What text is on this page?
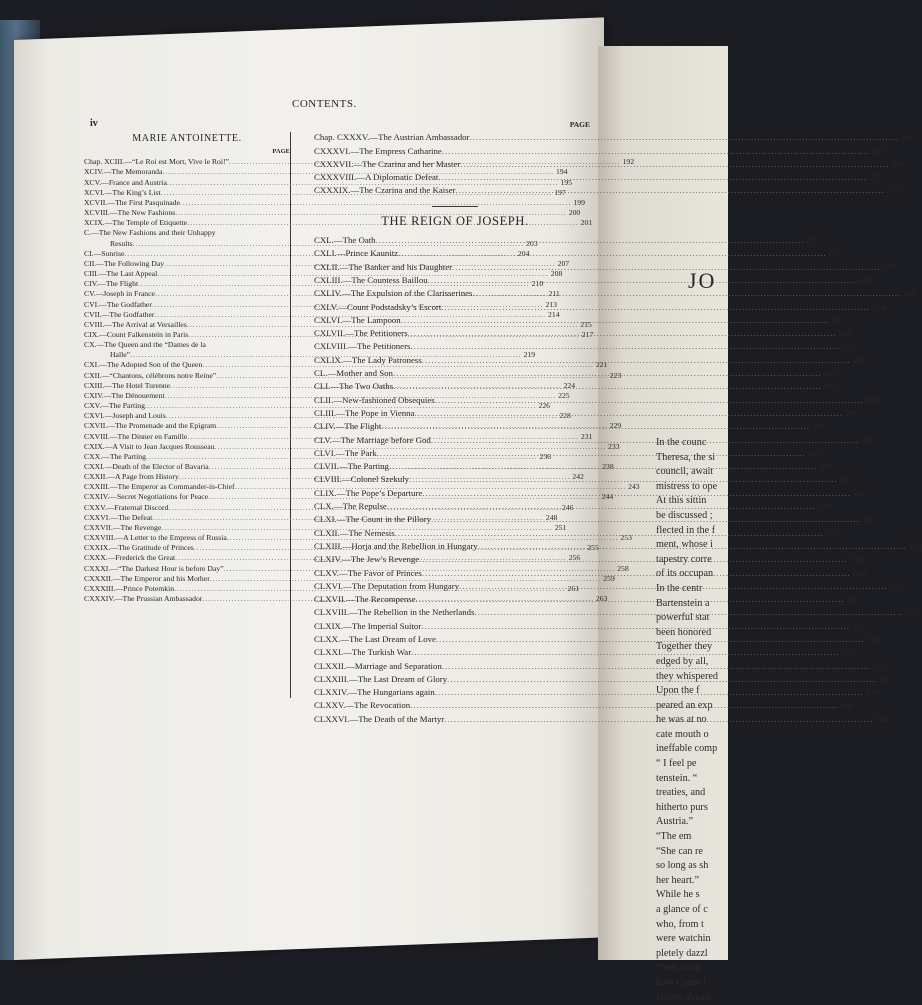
CONTENTS.
iv
MARIE ANTOINETTE.
PAGE
Chap. XCIII. —“Le Roi est Mort, Vive le Roi!” .....	192
XCIV. —The Memoranda .....	194
XCV. —France and Austria .....	195
XCVI. —The King’s List .....	197
XCVII. —The First Pasquinade .....	199
XCVIII. —The New Fashions .....	200
XCIX. —The Temple of Etiquette .....	201
C. —The New Fashions and their Unhappy
Results .....	203
CI. —Sunrise .....	204
CII. —The Following Day .....	207
CIII. —The Last Appeal .....	208
CIV. —The Flight .....	210
CV. —Joseph in France .....	211
CVI. —The Godfather .....	213
CVII. —The Godfather .....	214
CVIII. —The Arrival at Versailles .....	215
CIX. —Count Falkenstein in Paris .....	217
CX. —The Queen and the “Dames de la
Halle” .....	219
CXI. —The Adopted Son of the Queen .....	221
CXII. —“Chantons, célébrons notre Reine” .....	223
CXIII. —The Hotel Turenne .....	224
CXIV. —The Dénouement .....	225
CXV. —The Parting .....	226
CXVI. —Joseph and Louis .....	228
CXVII. —The Promenade and the Epigram .....	229
CXVIII. —The Dinner en Famille .....	231
CXIX. —A Visit to Jean Jacques Rousseau .....	233
CXX. —The Parting .....	236
CXXI. —Death of the Elector of Bavaria .....	238
CXXII. —A Page from History .....	242
CXXIII. —The Emperor as Commander-in-Chief .....	243
CXXIV. —Secret Negotiations for Peace .....	244
CXXV. —Fraternal Discord .....	246
CXXVI. —The Defeat .....	248
CXXVII. —The Revenge .....	251
CXXVIII. —A Letter to the Empress of Russia .....	253
CXXIX. —The Gratitude of Princes .....	255
CXXX. —Frederick the Great .....	256
CXXXI. —“The Darkest Hour is before Day” .....	258
CXXXII. —The Emperor and his Mother .....	259
CXXXIII. —Prince Potemkin .....	261
CXXXIV. —The Prussian Ambassador .....	263
PAGE
Chap. CXXXV. —The Austrian Ambassador .....	265
CXXXVI. —The Empress Catharine .....	267
CXXXVII. —The Czarina and her Master .....	269
CXXXVIII. —A Diplomatic Defeat .....	271
CXXXIX. —The Czarina and the Kaiser .....	273
THE REIGN OF JOSEPH.
CXL. —The Oath .....	275
CXLI. —Prince Kaunitz .....	276
CXLII. —The Banker and his Daughter .....	278
CXLIII. —The Countess Baillou .....	280
CXLIV. —The Expulsion of the Clarisserines .....	282
CXLV. —Count Podstadsky’s Escort .....	284
CXLVI. —The Lampoon .....	285
CXLVII. —The Petitioners .....	286
CXLVIII. —The Petitioners .....	287
CXLIX. —The Lady Patroness .....	289
CL. —Mother and Son .....	290
CLI. —The Two Oaths .....	292
CLII. —New-fashioned Obsequies .....	294
CLIII. —The Pope in Vienna .....	296
CLIV. —The Flight .....	298
CLV. —The Marriage before God .....	300
CLVI. —The Park .....	301
CLVII. —The Parting .....	303
CLVIII. —Colonel Szekuly .....	304
CLIX. —The Pope’s Departure .....	306
CLX. —The Repulse .....	309
CLXI. —The Count in the Pillory .....	311
CLXII. —The Nemesis .....	313
CLXIII. —Horja and the Rebellion in Hungary .....	314
CLXIV. —The Jew’s Revenge .....	316
CLXV. —The Favor of Princes .....	318
CLXVI. —The Deputation from Hungary .....	321
CLXVII. —The Recompense .....	322
CLXVIII. —The Rebellion in the Netherlands .....	325
CLXIX. —The Imperial Suitor .....	327
CLXX. —The Last Dream of Love .....	329
CLXXI. —The Turkish War .....	331
CLXXII. —Marriage and Separation .....	333
CLXXIII. —The Last Dream of Glory .....	335
CLXXIV. —The Hungarians again .....	338
CLXXV. —The Revocation .....	340
CLXXVI. —The Death of the Martyr .....	342
JO
In the counc
Theresa, the si
council, await
mistress to ope
At this sittin
be discussed ;
flected in the f
ment, whose i
tapestry corre
of its occupan
In the centr
Bartenstein a
powerful stat
been honored
Together they
edged by all,
they whispered
Upon the f
peared an exp
he was at no
cate mouth o
ineffable comp
“ I feel pe
tenstein. “
treaties, and
hitherto purs
Austria.”
“The em
“She can re
so long as sh
her heart.”
While he s
a glance of c
who, from t
were watchin
pletely dazzl
“See, coun
how Count U
knows alread
